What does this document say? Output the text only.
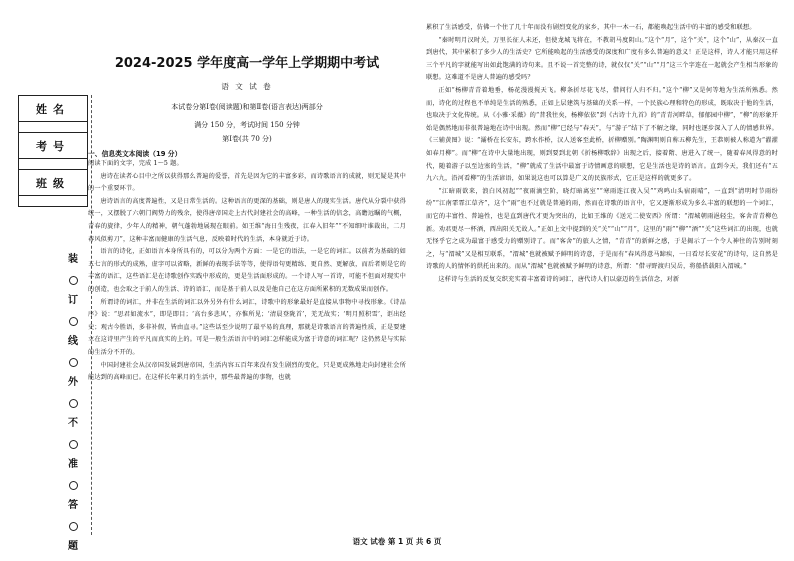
姓名
考号
班级
装
订
线
外
不
准
答
题
2024-2025 学年度高一学年上学期期中考试
语 文 试 卷
本试卷分第Ⅰ卷(阅读题)和第Ⅱ卷(语言表达)两部分
满分 150 分，考试时间 150 分钟
第Ⅰ卷(共 70 分)
一、信息类文本阅读（19 分）

阅读下面的文字，完成 1～5 题。

唐诗在读者心目中之所以获得那么普遍的爱誉，首先是因为它的丰富多彩，而诗歌语言的成就，则无疑是其中的一个重要环节。

唐诗语言的高度普遍性，又是日常生活的。这种语言的更深的基础，则是唐人的现实生活。唐代从分裂中获得统一，又摆脱了六朝门阀势力的残余，使得唐帝国走上古代封建社会的高峰，一种生活的信念，高瞻远瞩的气概，青春的旋律，少年人的精神，朝气蓬勃地展现在眼前。如王维“海日生残夜，江春入旧年”“不知细叶谁裁出，二月春风似剪刀”，这种丰富而健康的生活气息，反映着时代的生活，本身就近于诗。

语言的诗化，正如语言本身所具有的，可以分为两个方面：一是它的语法，一是它的词汇。以前者为基础的如五七言的形式的成熟，虚字可以省略，新鲜的表现手法等等，使得语句更精练、更自然、更解放，而后者则是它的丰富的语汇，这些语汇是在诗歌创作实践中形成的，更是生活面形成的。一个诗人写一首诗，可能不但面对现实中的创造，也会取之于前人的生活、诗的语汇，而是基于前人以及是他自己在这方面所累积的无数成果而创作。

所谓诗的词汇，并非在生活的词汇以外另外有什么词汇，诗歌中的形象最好是直接从事物中寻找形象。《诗品序》说：“思君如流水”，即是即目；‘高台多悲风’，亦惟所见；‘清晨登陇首’，羌无故实；‘明月照积雪’，讵出经史；观古今胜语，多非补假，皆由直寻。”这些话至少说明了最平易的真理，那就是诗歌语言的普遍性质，正是要建立在这诗里产生的平凡而真实的上的。可是一般生活语言中的词汇怎样能成为富于诗意的词汇呢？这仍然是与实际的生活分不开的。

中国封建社会从汉帝国发展到唐帝国，生活内容五百年来没有发生剧烈的变化，只是更成熟地走向封建社会所能达到的高峰而已。在这样长年累月的生活中，那些最普遍的事物，也就

累积了生活感受，仿佛一个住了几十年而没有剧烈变化的家乡，其中一木一石，都能唤起生活中的丰富的感受和联想。

“秦时明月汉时关，万里长征人未还，但使龙城飞将在，不教胡马度阴山。”这个“月”，这个“关”，这个“山”，从秦汉一直到唐代，其中累积了多少人的生活史？它所能唤起的生活感受的深度和广度有多么普遍的意义！正是这样，诗人才能只用这样三个平凡的字就能写出如此饱满的诗句来。且不说一首完整的诗，就仅仅“关”“山”“月”这三个字连在一起就会产生相当形象的联想。这难道不是唐人普遍的感受吗？

正如“杨柳青青着地垂，杨花漫漫搅天飞。柳条折尽花飞尽，借问行人归不归。”这个“柳”又是何等地为生活所熟悉。然而，诗化的过程也不单纯是生活的熟悉，正如上层建筑与基础的关系一样，一个民族心理和特色的形成，既取决于他的生活，也取决于文化传统。从《小雅·采薇》的“昔我往矣，杨柳依依”到《古诗十九首》的“青青河畔草，郁郁园中柳”，“柳”的形象开始是偶然地而非很普遍地在诗中出现。然而“柳”已经与“春天”，与“游子”结下了不解之缘，同时也逐步深入了人的情感世界。《三辅黄图》说：“灞桥在长安东，跨水作桥，汉人送客至此桥，折柳赠别。”陶渊明则自称五柳先生，王恭则被人称道为“濯濯如春月柳”。而“柳”在诗中大量地出现，则到要到北朝《折杨柳歌辞》出现之后，接着隋、唐进入了统一，随着春风得意的时代，随着游子以至边塞的生活，“柳”就成了生活中最富于诗情画意的联想，它是生活也是诗的语言。直到今天，我们还有“五九六九，沿河看柳”的生活谚语，如果说这也可以算是广义的民族形式，它正是这样的就更多了。

“江暗雨欲来，浪白风初起”“夜雨滴空阶，晓灯暗离室”“寒雨连江夜入吴”“鸡鸣山头宿雨晴”，一直到“清明时节雨纷纷”“江南霏霏江草齐”，这个“雨”也不过就是普通的雨，然而在诗歌的语言中，它又逐渐形成为多么丰富的联想的一个词汇，而它的丰富性、普遍性，也是直到唐代才更为突出的，比如王维的《送元二使安西》所谓：“渭城朝雨浥轻尘，客舍青青柳色新。劝君更尽一杯酒，西出阳关无故人。”正如上文中提到的关“关”“山”“月”，这里的“雨”“柳”“酒”“关”这些词汇的出现，也就无怪乎它之成为最富于感受力的赠别诗了。而“客舍”的旅人之情，“青青”的新鲜之感，于是揭示了一个令人神往的告别时刻之，与“渭城”又是相互联系，“渭城”也就被赋予鲜明的诗意，于是而有“春风得意马蹄疾，一日看尽长安花”的诗句，这自然是诗歌的人的情怀的烘托出来的。而从“渭城”也就被赋予鲜明的诗意，所谓：“借寻野渡归吴岳，将船搭载阳入渭城。”

这样诗与生活的反复交织充实着丰富着诗的词汇，唐代诗人们以豪迈的生活信念，对新

语文 试卷 第 1 页 共 6 页
